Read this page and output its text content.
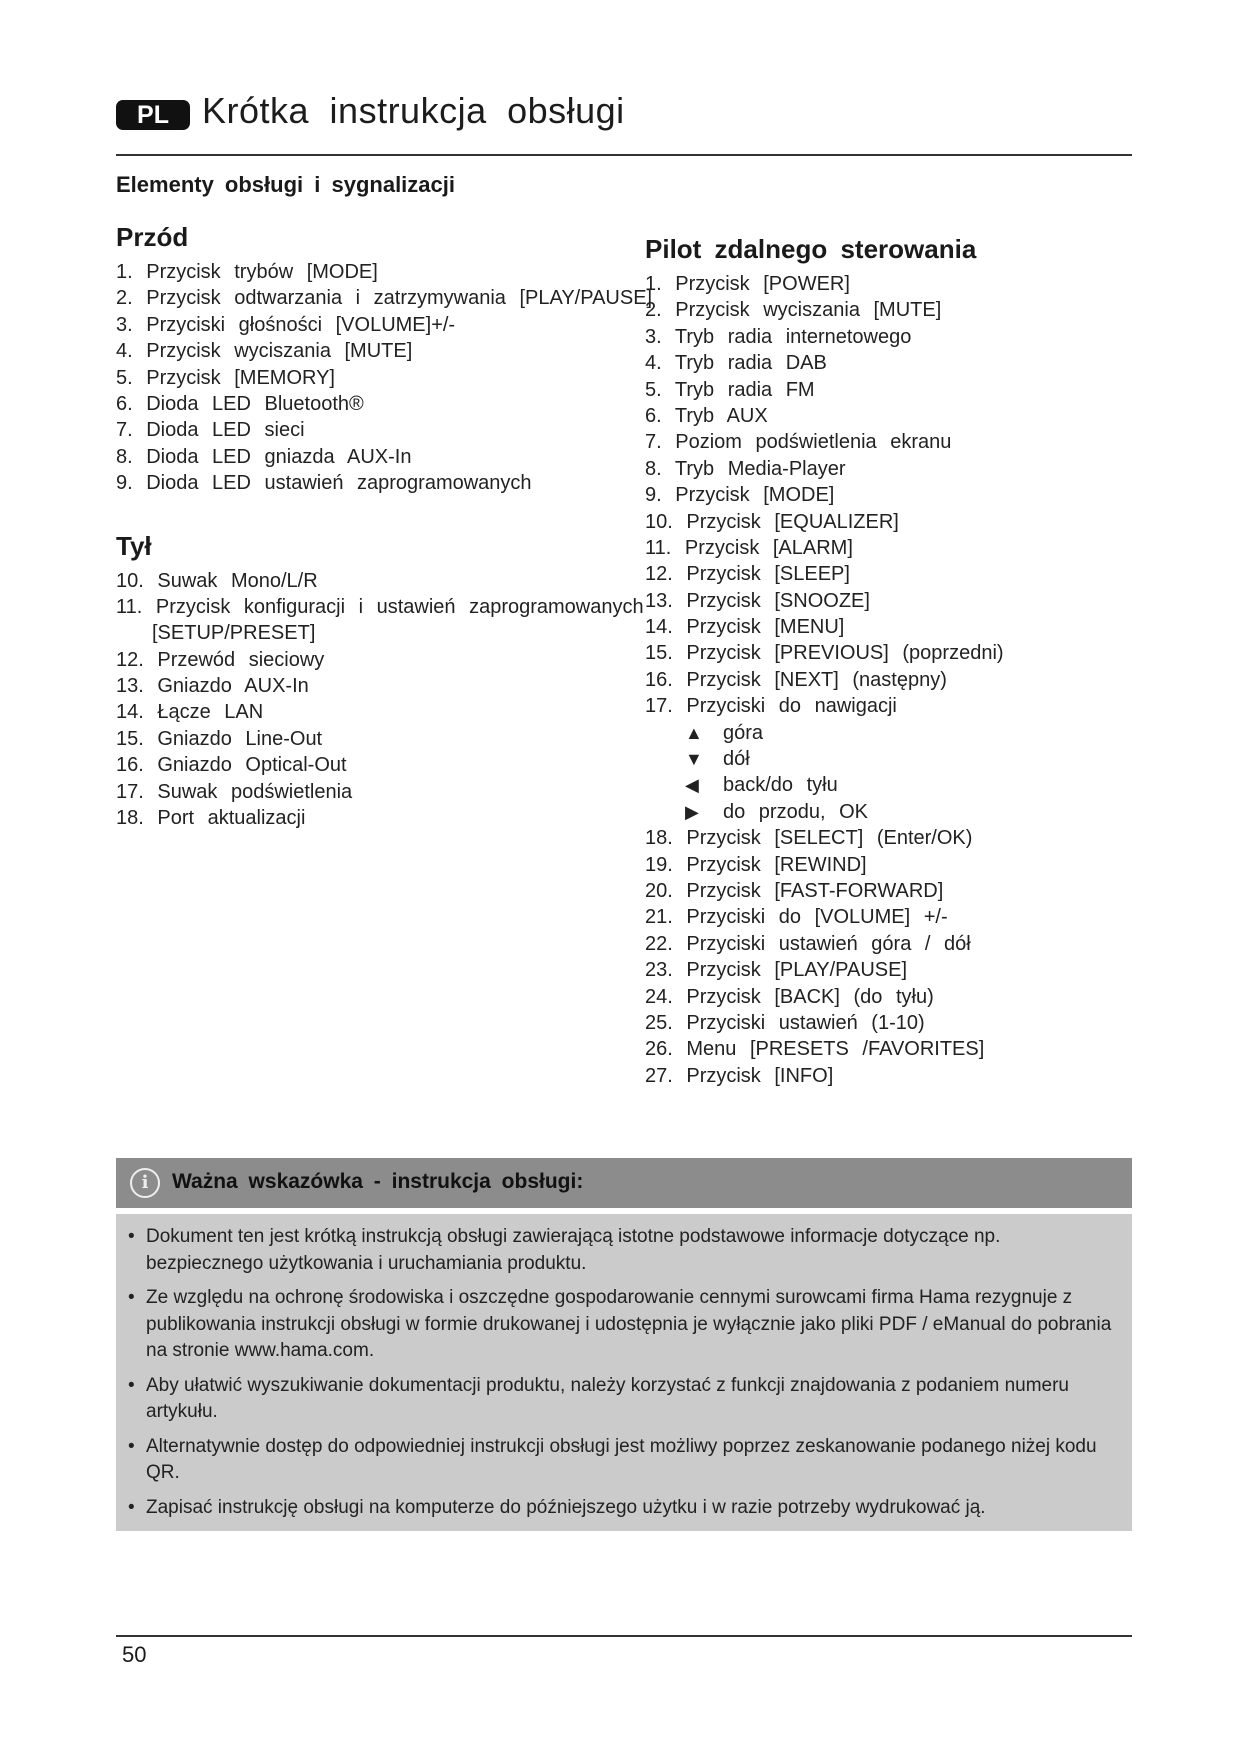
PL Krótka instrukcja obsługi
Elementy obsługi i sygnalizacji
Przód
1. Przycisk trybów [MODE]
2. Przycisk odtwarzania i zatrzymywania [PLAY/PAUSE]
3. Przyciski głośności [VOLUME]+/-
4. Przycisk wyciszania [MUTE]
5. Przycisk [MEMORY]
6. Dioda LED Bluetooth®
7. Dioda LED sieci
8. Dioda LED gniazda AUX-In
9. Dioda LED ustawień zaprogramowanych
Tył
10. Suwak Mono/L/R
11. Przycisk konfiguracji i ustawień zaprogramowanych
[SETUP/PRESET]
12. Przewód sieciowy
13. Gniazdo AUX-In
14. Łącze LAN
15. Gniazdo Line-Out
16. Gniazdo Optical-Out
17. Suwak podświetlenia
18. Port aktualizacji
Pilot zdalnego sterowania
1. Przycisk [POWER]
2. Przycisk wyciszania [MUTE]
3. Tryb radia internetowego
4. Tryb radia DAB
5. Tryb radia FM
6. Tryb AUX
7. Poziom podświetlenia ekranu
8. Tryb Media-Player
9. Przycisk [MODE]
10. Przycisk [EQUALIZER]
11. Przycisk [ALARM]
12. Przycisk [SLEEP]
13. Przycisk [SNOOZE]
14. Przycisk [MENU]
15. Przycisk [PREVIOUS] (poprzedni)
16. Przycisk [NEXT] (następny)
17. Przyciski do nawigacji
▲ góra
▼ dół
◀ back/do tyłu
▶ do przodu, OK
18. Przycisk [SELECT] (Enter/OK)
19. Przycisk [REWIND]
20. Przycisk [FAST-FORWARD]
21. Przyciski do [VOLUME] +/-
22. Przyciski ustawień góra / dół
23. Przycisk [PLAY/PAUSE]
24. Przycisk [BACK] (do tyłu)
25. Przyciski ustawień (1-10)
26. Menu [PRESETS /FAVORITES]
27. Przycisk [INFO]
i	Ważna wskazówka - instrukcja obsługi:
• Dokument ten jest krótką instrukcją obsługi zawierającą istotne podstawowe informacje dotyczące np. bezpiecznego użytkowania i uruchamiania produktu.
• Ze względu na ochronę środowiska i oszczędne gospodarowanie cennymi surowcami firma Hama rezygnuje z publikowania instrukcji obsługi w formie drukowanej i udostępnia je wyłącznie jako pliki PDF / eManual do pobrania na stronie www.hama.com.
• Aby ułatwić wyszukiwanie dokumentacji produktu, należy korzystać z funkcji znajdowania z podaniem numeru artykułu.
• Alternatywnie dostęp do odpowiedniej instrukcji obsługi jest możliwy poprzez zeskanowanie podanego niżej kodu QR.
• Zapisać instrukcję obsługi na komputerze do późniejszego użytku i w razie potrzeby wydrukować ją.
50
